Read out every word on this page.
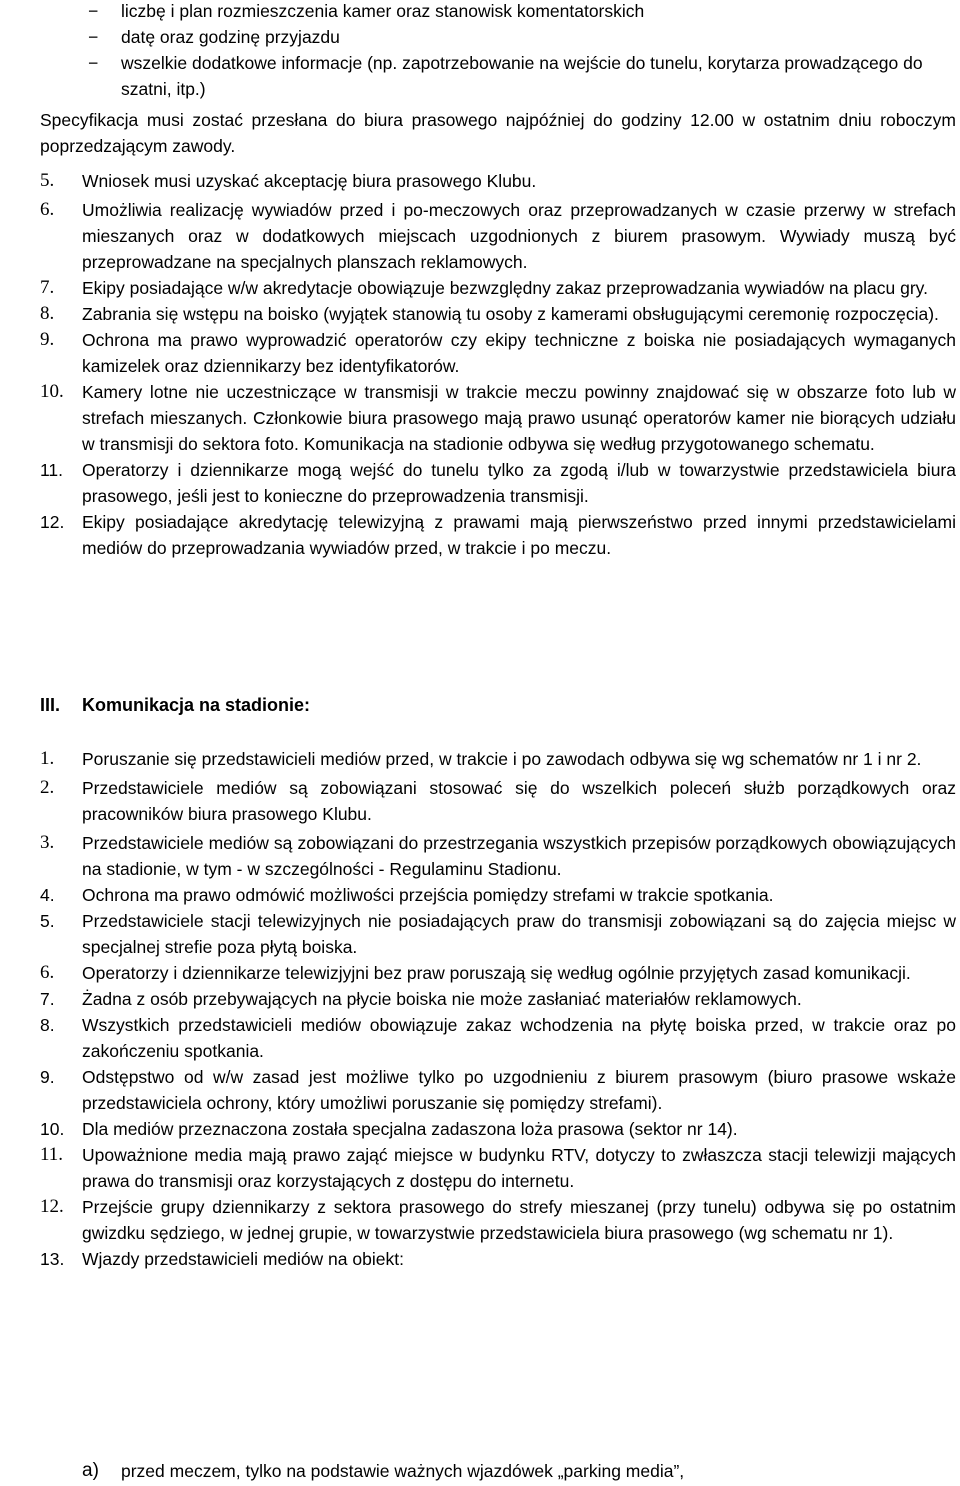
− liczbę i plan rozmieszczenia kamer oraz stanowisk komentatorskich
− datę oraz godzinę przyjazdu
− wszelkie dodatkowe informacje (np. zapotrzebowanie na wejście do tunelu, korytarza prowadzącego do szatni, itp.)
Specyfikacja musi zostać przesłana do biura prasowego najpóźniej do godziny 12.00 w ostatnim dniu roboczym poprzedzającym zawody.
5. Wniosek musi uzyskać akceptację biura prasowego Klubu.
6. Umożliwia realizację wywiadów przed i po-meczowych oraz przeprowadzanych w czasie przerwy w strefach mieszanych oraz w dodatkowych miejscach uzgodnionych z biurem prasowym. Wywiady muszą być przeprowadzane na specjalnych planszach reklamowych.
7. Ekipy posiadające w/w akredytacje obowiązuje bezwzględny zakaz przeprowadzania wywiadów na placu gry.
8. Zabrania się wstępu na boisko (wyjątek stanowią tu osoby z kamerami obsługującymi ceremonię rozpoczęcia).
9. Ochrona ma prawo wyprowadzić operatorów czy ekipy techniczne z boiska nie posiadających wymaganych kamizelek oraz dziennikarzy bez identyfikatorów.
10. Kamery lotne nie uczestniczące w transmisji w trakcie meczu powinny znajdować się w obszarze foto lub w strefach mieszanych. Członkowie biura prasowego mają prawo usunąć operatorów kamer nie biorących udziału w transmisji do sektora foto. Komunikacja na stadionie odbywa się według przygotowanego schematu.
11. Operatorzy i dziennikarze mogą wejść do tunelu tylko za zgodą i/lub w towarzystwie przedstawiciela biura prasowego, jeśli jest to konieczne do przeprowadzenia transmisji.
12. Ekipy posiadające akredytację telewizyjną z prawami mają pierwszeństwo przed innymi przedstawicielami mediów do przeprowadzania wywiadów przed, w trakcie i po meczu.
III. Komunikacja na stadionie:
1. Poruszanie się przedstawicieli mediów przed, w trakcie i po zawodach odbywa się wg schematów nr 1 i nr 2.
2. Przedstawiciele mediów są zobowiązani stosować się do wszelkich poleceń służb porządkowych oraz pracowników biura prasowego Klubu.
3. Przedstawiciele mediów są zobowiązani do przestrzegania wszystkich przepisów porządkowych obowiązujących na stadionie, w tym - w szczególności - Regulaminu Stadionu.
4. Ochrona ma prawo odmówić możliwości przejścia pomiędzy strefami w trakcie spotkania.
5. Przedstawiciele stacji telewizyjnych nie posiadających praw do transmisji zobowiązani są do zajęcia miejsc w specjalnej strefie poza płytą boiska.
6. Operatorzy i dziennikarze telewizjyjni bez praw poruszają się według ogólnie przyjętych zasad komunikacji.
7. Żadna z osób przebywających na płycie boiska nie może zasłaniać materiałów reklamowych.
8. Wszystkich przedstawicieli mediów obowiązuje zakaz wchodzenia na płytę boiska przed, w trakcie oraz po zakończeniu spotkania.
9. Odstępstwo od w/w zasad jest możliwe tylko po uzgodnieniu z biurem prasowym (biuro prasowe wskaże przedstawiciela ochrony, który umożliwi poruszanie się pomiędzy strefami).
10. Dla mediów przeznaczona została specjalna zadaszona loża prasowa (sektor nr 14).
11. Upoważnione media mają prawo zająć miejsce w budynku RTV, dotyczy to zwłaszcza stacji telewizji mających prawa do transmisji oraz korzystających z dostępu do internetu.
12. Przejście grupy dziennikarzy z sektora prasowego do strefy mieszanej (przy tunelu) odbywa się po ostatnim gwizdku sędziego, w jednej grupie, w towarzystwie przedstawiciela biura prasowego (wg schematu nr 1).
13. Wjazdy przedstawicieli mediów na obiekt:
a) przed meczem, tylko na podstawie ważnych wjazdówek „parking media”,
